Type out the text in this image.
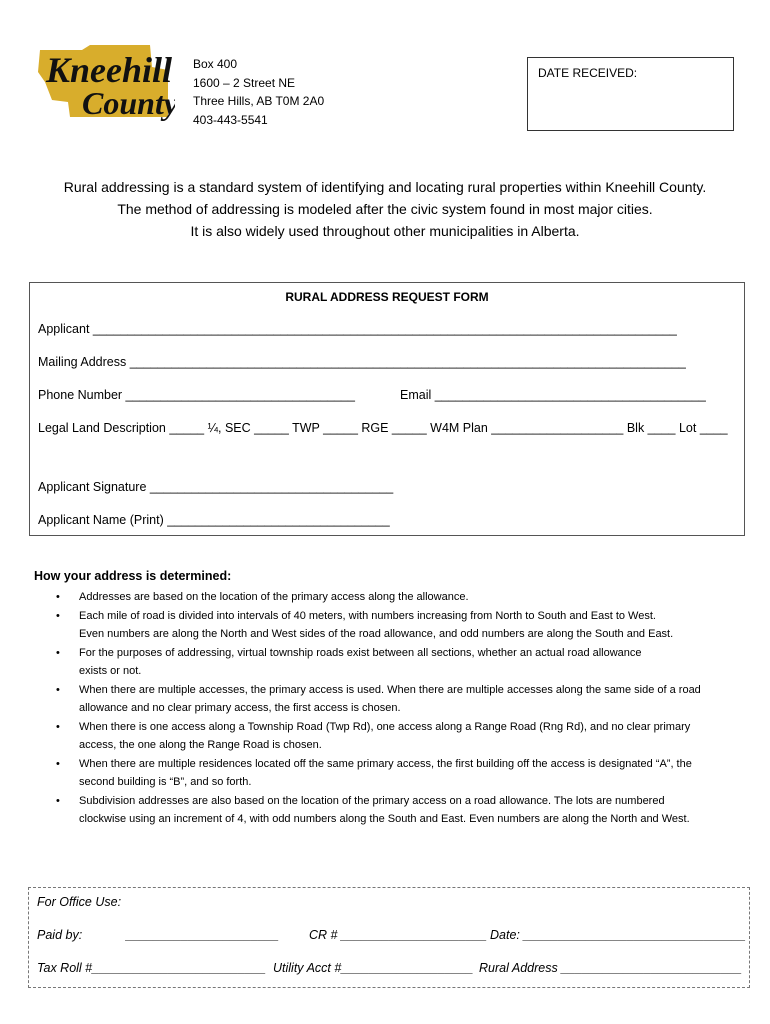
Kneehill
County
Box 400
1600 – 2 Street NE
Three Hills, AB T0M 2A0
403-443-5541
DATE RECEIVED:
Rural addressing is a standard system of identifying and locating rural properties within Kneehill County.
The method of addressing is modeled after the civic system found in most major cities.
It is also widely used throughout other municipalities in Alberta.
RURAL ADDRESS REQUEST FORM
Applicant ____________________________________________________________________________________
Mailing Address ________________________________________________________________________________
Phone Number _________________________________	Email _______________________________________
Legal Land Description _____ ¼, SEC _____ TWP _____ RGE _____ W4M Plan ___________________ Blk ____ Lot ____
Applicant Signature ___________________________________
Applicant Name (Print) ________________________________
How your address is determined:
• Addresses are based on the location of the primary access along the allowance.
• Each mile of road is divided into intervals of 40 meters, with numbers increasing from North to South and East to West.
Even numbers are along the North and West sides of the road allowance, and odd numbers are along the South and East.
• For the purposes of addressing, virtual township roads exist between all sections, whether an actual road allowance
exists or not.
• When there are multiple accesses, the primary access is used. When there are multiple accesses along the same side of a road
allowance and no clear primary access, the first access is chosen.
• When there is one access along a Township Road (Twp Rd), one access along a Range Road (Rng Rd), and no clear primary
access, the one along the Range Road is chosen.
• When there are multiple residences located off the same primary access, the first building off the access is designated “A”, the
second building is “B”, and so forth.
• Subdivision addresses are also based on the location of the primary access on a road allowance. The lots are numbered
clockwise using an increment of 4, with odd numbers along the South and East. Even numbers are along the North and West.
For Office Use:
Paid by:	______________________ CR # _____________________ Date: ________________________________
Tax Roll #_________________________ Utility Acct #___________________ Rural Address __________________________
